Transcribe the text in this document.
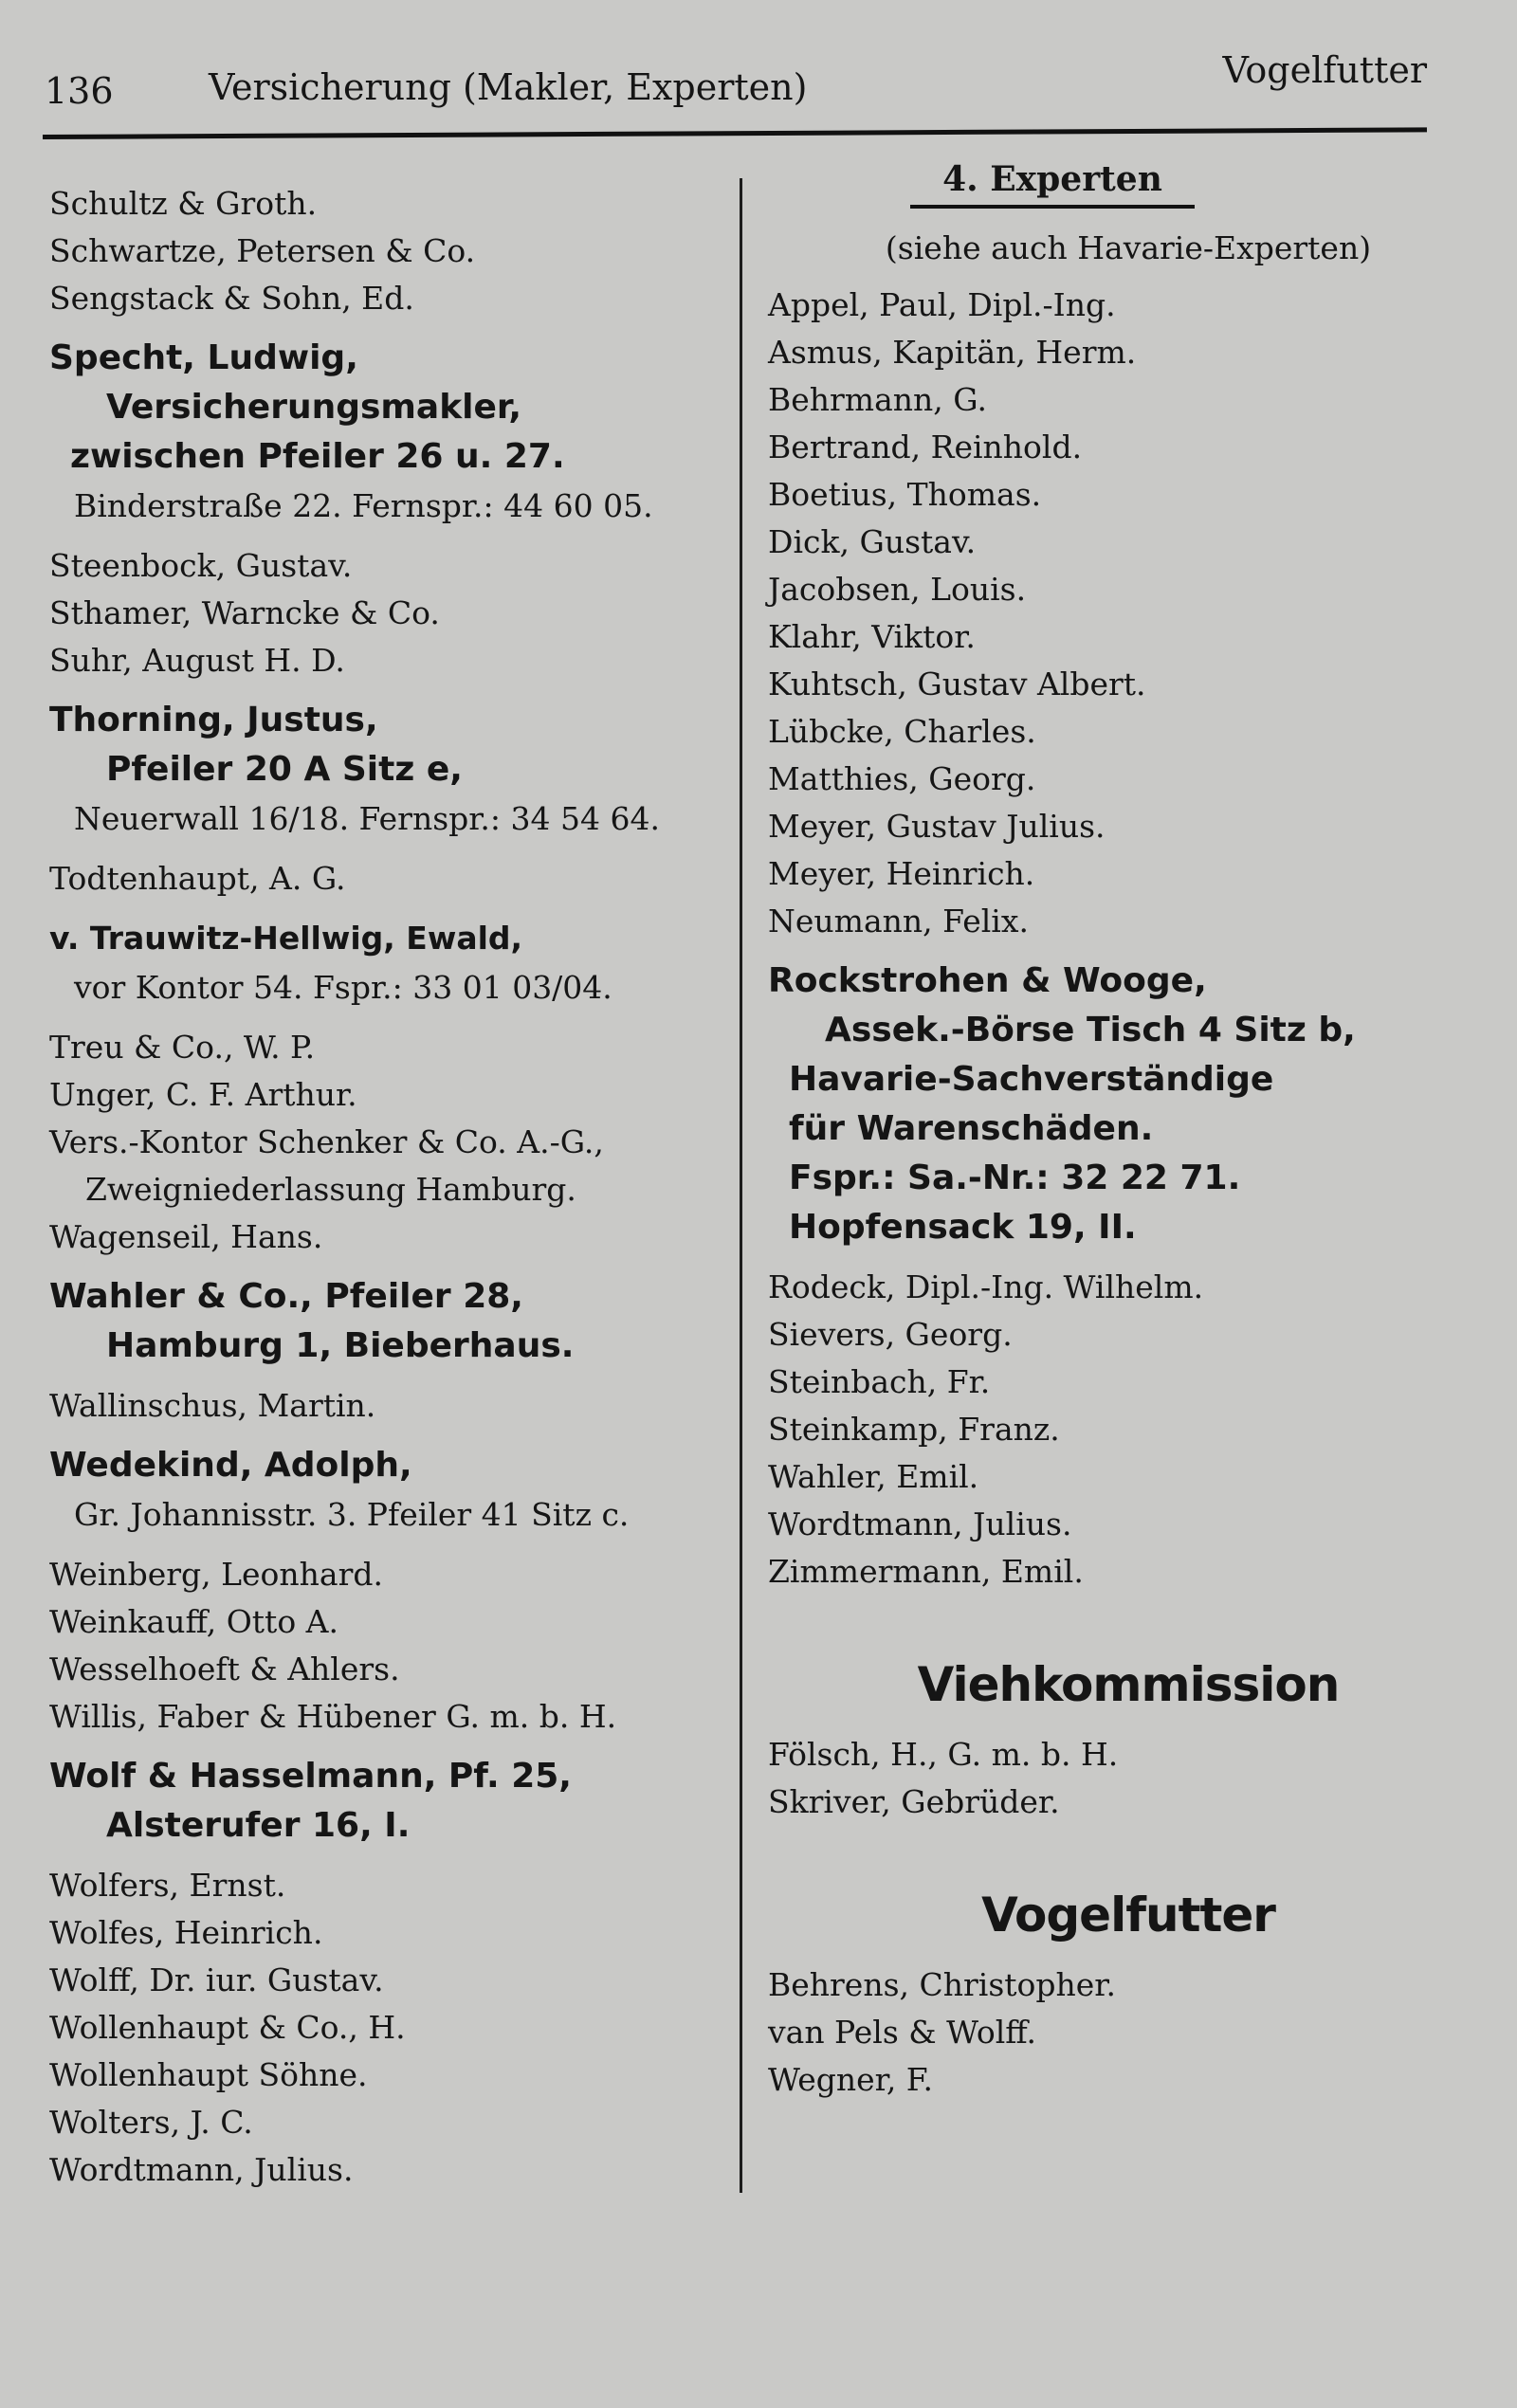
136	Versicherung (Makler, Experten)	Vogelfutter
Schultz & Groth.
Schwartze, Petersen & Co.
Sengstack & Sohn, Ed.
Specht, Ludwig,
Versicherungsmakler,
zwischen Pfeiler 26 u. 27.
Binderstraße 22. Fernspr.: 44 60 05.
Steenbock, Gustav.
Sthamer, Warncke & Co.
Suhr, August H. D.
Thorning, Justus,
Pfeiler 20 A Sitz e,
Neuerwall 16/18. Fernspr.: 34 54 64.
Todtenhaupt, A. G.
v. Trauwitz-Hellwig, Ewald,
vor Kontor 54. Fspr.: 33 01 03/04.
Treu & Co., W. P.
Unger, C. F. Arthur.
Vers.-Kontor Schenker & Co. A.-G.,
Zweigniederlassung Hamburg.
Wagenseil, Hans.
Wahler & Co., Pfeiler 28,
Hamburg 1, Bieberhaus.
Wallinschus, Martin.
Wedekind, Adolph,
Gr. Johannisstr. 3. Pfeiler 41 Sitz c.
Weinberg, Leonhard.
Weinkauff, Otto A.
Wesselhoeft & Ahlers.
Willis, Faber & Hübener G. m. b. H.
Wolf & Hasselmann, Pf. 25,
Alsterufer 16, I.
Wolfers, Ernst.
Wolfes, Heinrich.
Wolff, Dr. iur. Gustav.
Wollenhaupt & Co., H.
Wollenhaupt Söhne.
Wolters, J. C.
Wordtmann, Julius.
4. Experten
(siehe auch Havarie-Experten)
Appel, Paul, Dipl.-Ing.
Asmus, Kapitän, Herm.
Behrmann, G.
Bertrand, Reinhold.
Boetius, Thomas.
Dick, Gustav.
Jacobsen, Louis.
Klahr, Viktor.
Kuhtsch, Gustav Albert.
Lübcke, Charles.
Matthies, Georg.
Meyer, Gustav Julius.
Meyer, Heinrich.
Neumann, Felix.
Rockstrohen & Wooge,
Assek.-Börse Tisch 4 Sitz b,
Havarie-Sachverständige
für Warenschäden.
Fspr.: Sa.-Nr.: 32 22 71.
Hopfensack 19, II.
Rodeck, Dipl.-Ing. Wilhelm.
Sievers, Georg.
Steinbach, Fr.
Steinkamp, Franz.
Wahler, Emil.
Wordtmann, Julius.
Zimmermann, Emil.
Viehkommission
Fölsch, H., G. m. b. H.
Skriver, Gebrüder.
Vogelfutter
Behrens, Christopher.
van Pels & Wolff.
Wegner, F.
